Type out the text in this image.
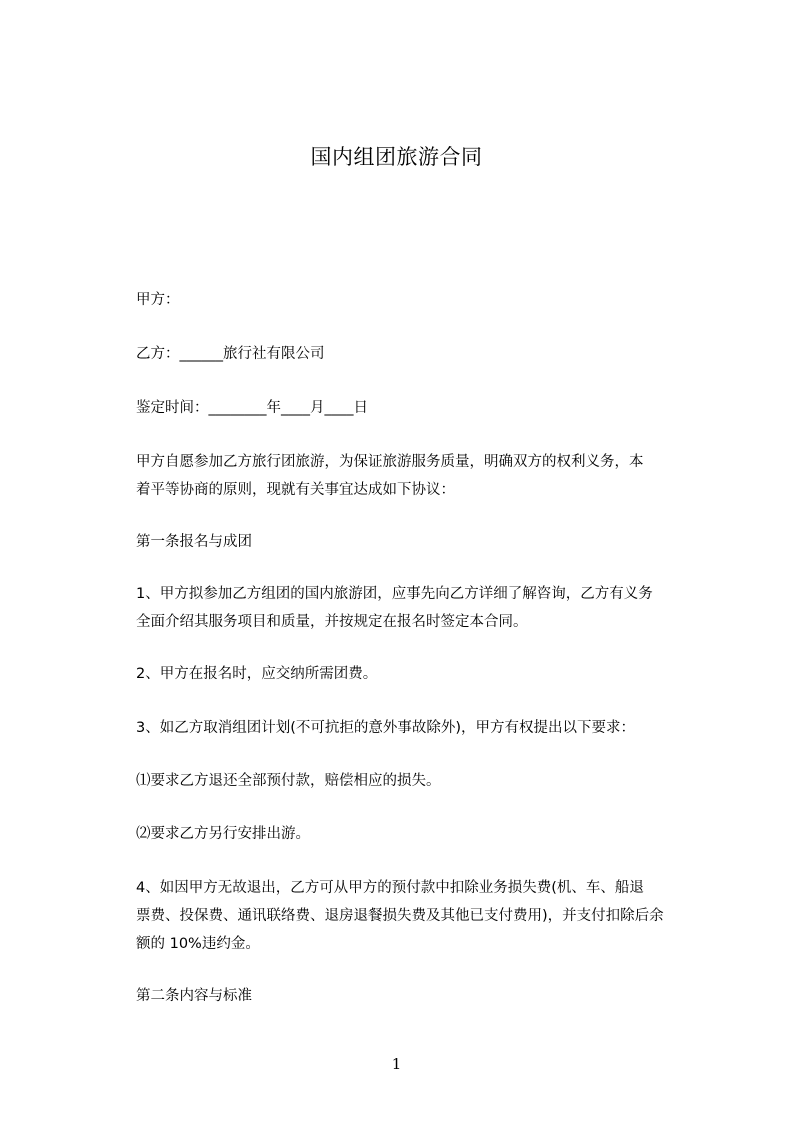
国内组团旅游合同
甲方：
乙方：______旅行社有限公司
鉴定时间：________年____月____日
甲方自愿参加乙方旅行团旅游，为保证旅游服务质量，明确双方的权利义务，本
着平等协商的原则，现就有关事宜达成如下协议：
第一条报名与成团
1、甲方拟参加乙方组团的国内旅游团，应事先向乙方详细了解咨询，乙方有义务
全面介绍其服务项目和质量，并按规定在报名时签定本合同。
2、甲方在报名时，应交纳所需团费。
3、如乙方取消组团计划(不可抗拒的意外事故除外)，甲方有权提出以下要求：
⑴要求乙方退还全部预付款，赔偿相应的损失。
⑵要求乙方另行安排出游。
4、如因甲方无故退出，乙方可从甲方的预付款中扣除业务损失费(机、车、船退
票费、投保费、通讯联络费、退房退餐损失费及其他已支付费用)，并支付扣除后余
额的 10%违约金。
第二条内容与标准
1
